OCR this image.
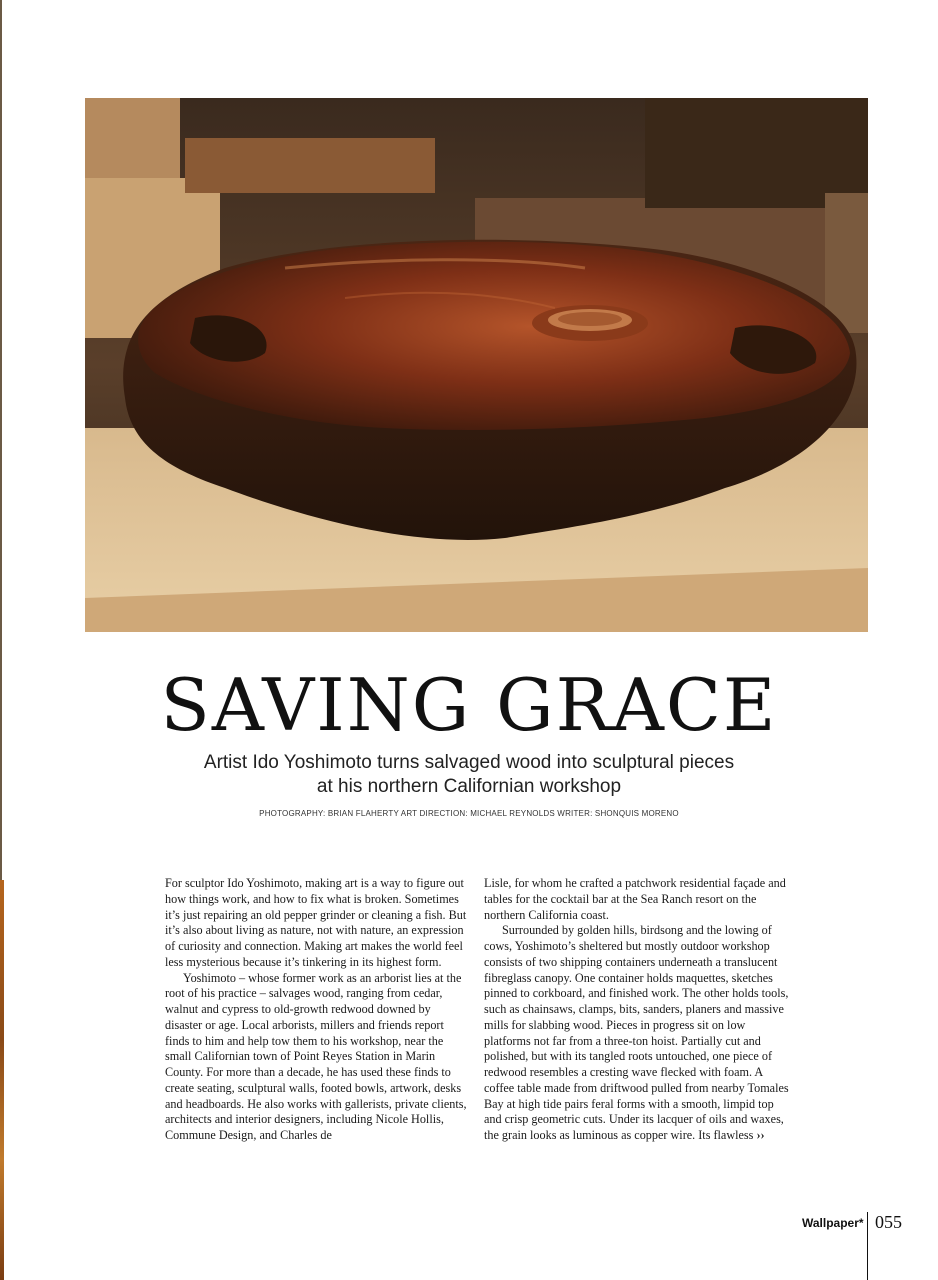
SAVING GRACE
Artist Ido Yoshimoto turns salvaged wood into sculptural pieces at his northern Californian workshop
PHOTOGRAPHY: BRIAN FLAHERTY ART DIRECTION: MICHAEL REYNOLDS WRITER: SHONQUIS MORENO

For sculptor Ido Yoshimoto, making art is a way to figure out how things work, and how to fix what is broken. Sometimes it’s just repairing an old pepper grinder or cleaning a fish. But it’s also about living as nature, not with nature, an expression of curiosity and connection. Making art makes the world feel less mysterious because it’s tinkering in its highest form.

Yoshimoto – whose former work as an arborist lies at the root of his practice – salvages wood, ranging from cedar, walnut and cypress to old-growth redwood downed by disaster or age. Local arborists, millers and friends report finds to him and help tow them to his workshop, near the small Californian town of Point Reyes Station in Marin County. For more than a decade, he has used these finds to create seating, sculptural walls, footed bowls, artwork, desks and headboards. He also works with gallerists, private clients, architects and interior designers, including Nicole Hollis, Commune Design, and Charles de

Lisle, for whom he crafted a patchwork residential façade and tables for the cocktail bar at the Sea Ranch resort on the northern California coast.

Surrounded by golden hills, birdsong and the lowing of cows, Yoshimoto’s sheltered but mostly outdoor workshop consists of two shipping containers underneath a translucent fibreglass canopy. One container holds maquettes, sketches pinned to corkboard, and finished work. The other holds tools, such as chainsaws, clamps, bits, sanders, planers and massive mills for slabbing wood. Pieces in progress sit on low platforms not far from a three-ton hoist. Partially cut and polished, but with its tangled roots untouched, one piece of redwood resembles a cresting wave flecked with foam. A coffee table made from driftwood pulled from nearby Tomales Bay at high tide pairs feral forms with a smooth, limpid top and crisp geometric cuts. Under its lacquer of oils and waxes, the grain looks as luminous as copper wire. Its flawless ››

Wallpaper* 055
